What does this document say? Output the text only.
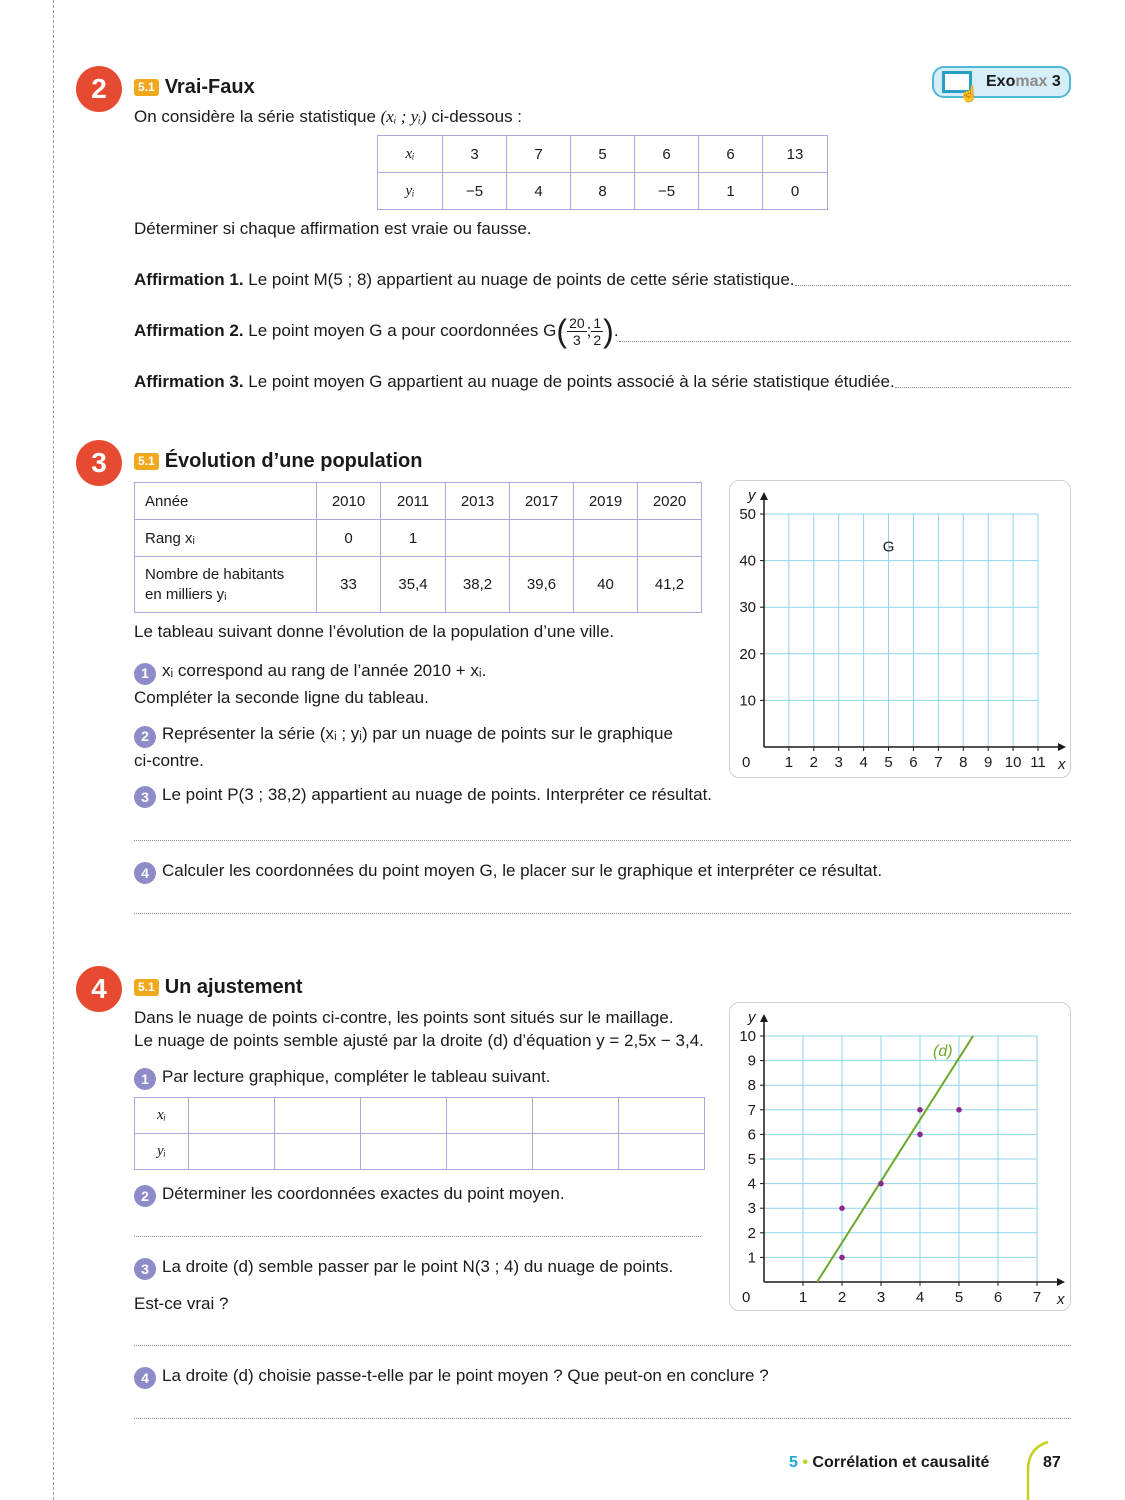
☝
Exomax 3
2	5.1 Vrai-Faux
On considère la série statistique (xᵢ ; yᵢ) ci-dessous :
xᵢ	3	7	5	6	6	13
yᵢ	−5	4	8	−5	1	0
Déterminer si chaque affirmation est vraie ou fausse.
Affirmation 1.
Le point M(5 ; 8) appartient au nuage de points de cette série statistique.
Affirmation 2.
Le point moyen G a pour coordonnées
G ( $\frac{20}{3}$ ; $\frac{1}{2}$ ) .
Affirmation 3.
Le point moyen G appartient au nuage de points associé à la série statistique étudiée.
3	5.1 Évolution d’une population
Année	2010	2011	2013	2017	2019	2020
Rang xᵢ	0	1				

Nombre de habitants
en milliers yᵢ	33	35,4	38,2	39,6	40	41,2
Le tableau suivant donne l’évolution de la population d’une ville.
1 xᵢ correspond au rang de l’année 2010 + xᵢ.
Compléter la seconde ligne du tableau.
2 Représenter la série (xᵢ ; yᵢ) par un nuage de points sur le graphique
ci-contre.
3 Le point P(3 ; 38,2) appartient au nuage de points. Interpréter ce résultat.
4 Calculer les coordonnées du point moyen G, le placer sur le graphique et interpréter ce résultat.
1 2 3 4 5 6 7 8 9 10 11
10
20
30
40
50
0	x
y
G
4	5.1 Un ajustement
Dans le nuage de points ci-contre, les points sont situés sur le maillage.
Le nuage de points semble ajusté par la droite (d) d’équation y = 2,5x − 3,4.
1 Par lecture graphique, compléter le tableau suivant.
xᵢ						
yᵢ						
2 Déterminer les coordonnées exactes du point moyen.
3 La droite (d) semble passer par le point N(3 ; 4) du nuage de points.
Est-ce vrai ?
4 La droite (d) choisie passe-t-elle par le point moyen ? Que peut-on en conclure ?
1 2 3 4 5 6 7
1
2
3
4
5
6
7
8
9
10
0	x
y
(d)
5 • Corrélation et causalité	87
